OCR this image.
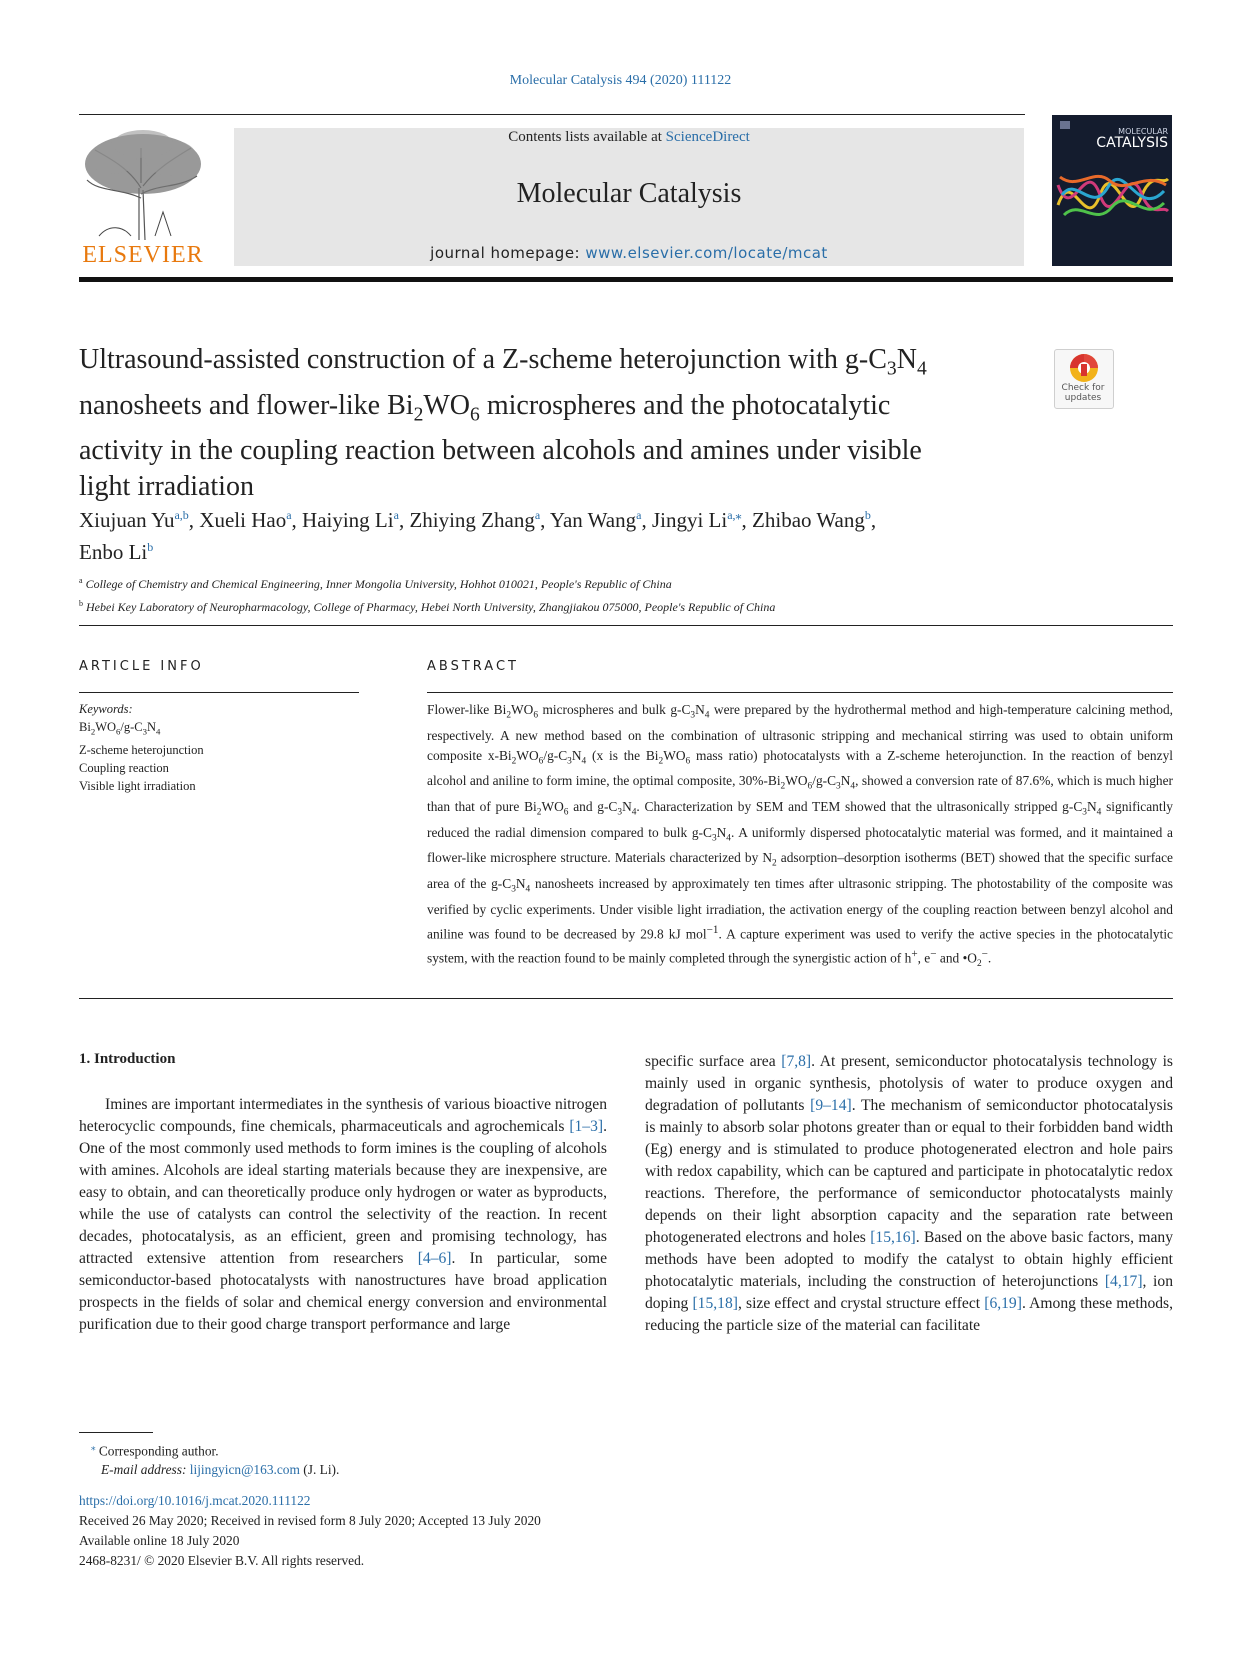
Molecular Catalysis 494 (2020) 111122
ELSEVIER
Contents lists available at ScienceDirect
Molecular Catalysis
journal homepage: www.elsevier.com/locate/mcat
MOLECULAR
CATALYSIS
Ultrasound-assisted construction of a Z-scheme heterojunction with $g-C_3N_4$
nanosheets and flower-like $Bi_2WO_6$ microspheres and the photocatalytic
activity in the coupling reaction between alcohols and amines under visible
light irradiation
Check for
updates
Xiujuan Yu$^{a,b}$, Xueli Hao$^a$, Haiying Li$^a$, Zhiying Zhang$^a$, Yan Wang$^a$, Jingyi $Li^{a,⁎}$, Zhibao Wang$^b$,
Enbo Li$^b$
$^a$ College of Chemistry and Chemical Engineering, Inner Mongolia University, Hohhot 010021, People's Republic of China
$^b$ Hebei Key Laboratory of Neuropharmacology, College of Pharmacy, Hebei North University, Zhangjiakou 075000, People's Republic of China
ARTICLE INFO	ABSTRACT
Keywords:
$Bi_2WO_6/g-C_3N_4$
Z-scheme heterojunction
Coupling reaction
Visible light irradiation
Flower-like $Bi_2WO_6$ microspheres and bulk $g-C_3N_4$ were prepared by the hydrothermal method and high-temperature calcining method, respectively. A new method based on the combination of ultrasonic stripping and mechanical stirring was used to obtain uniform composite $x-Bi_2WO_6/g-C_3N_4$ (x is the $Bi_2WO_6$ mass ratio) photocatalysts with a Z-scheme heterojunction. In the reaction of benzyl alcohol and aniline to form imine, the optimal composite, $30\%-Bi_2WO_6/g-C_3N_4$, showed a conversion rate of 87.6%, which is much higher than that of pure $Bi_2WO_6$ and $g-C_3N_4$. Characterization by SEM and TEM showed that the ultrasonically stripped $g-C_3N_4$ significantly reduced the radial dimension compared to bulk $g-C_3N_4$. A uniformly dispersed photocatalytic material was formed, and it maintained a flower-like microsphere structure. Materials characterized by $N_2$ adsorption–desorption isotherms (BET) showed that the specific surface area of the $g-C_3N_4$ nanosheets increased by approximately ten times after ultrasonic stripping. The photostability of the composite was verified by cyclic experiments. Under visible light irradiation, the activation energy of the coupling reaction between benzyl alcohol and aniline was found to be decreased by 29.8 kJ mol$^{-1}$. A capture experiment was used to verify the active species in the photocatalytic system, with the reaction found to be mainly completed through the synergistic action of h+, e− and $•O_2^-$.
1. Introduction
Imines are important intermediates in the synthesis of various bioactive nitrogen heterocyclic compounds, fine chemicals, pharmaceuticals and agrochemicals [1–3]. One of the most commonly used methods to form imines is the coupling of alcohols with amines. Alcohols are ideal starting materials because they are inexpensive, are easy to obtain, and can theoretically produce only hydrogen or water as byproducts, while the use of catalysts can control the selectivity of the reaction. In recent decades, photocatalysis, as an efficient, green and promising technology, has attracted extensive attention from researchers [4–6]. In particular, some semiconductor-based photocatalysts with nanostructures have broad application prospects in the fields of solar and chemical energy conversion and environmental purification due to their good charge transport performance and large
specific surface area [7,8]. At present, semiconductor photocatalysis technology is mainly used in organic synthesis, photolysis of water to produce oxygen and degradation of pollutants [9–14]. The mechanism of semiconductor photocatalysis is mainly to absorb solar photons greater than or equal to their forbidden band width (Eg) energy and is stimulated to produce photogenerated electron and hole pairs with redox capability, which can be captured and participate in photocatalytic redox reactions. Therefore, the performance of semiconductor photocatalysts mainly depends on their light absorption capacity and the separation rate between photogenerated electrons and holes [15,16]. Based on the above basic factors, many methods have been adopted to modify the catalyst to obtain highly efficient photocatalytic materials, including the construction of heterojunctions [4,17], ion doping [15,18], size effect and crystal structure effect [6,19]. Among these methods, reducing the particle size of the material can facilitate
⁎ Corresponding author.
E-mail address: lijingyicn@163.com (J. Li).
https://doi.org/10.1016/j.mcat.2020.111122
Received 26 May 2020; Received in revised form 8 July 2020; Accepted 13 July 2020
Available online 18 July 2020
2468-8231/ © 2020 Elsevier B.V. All rights reserved.
